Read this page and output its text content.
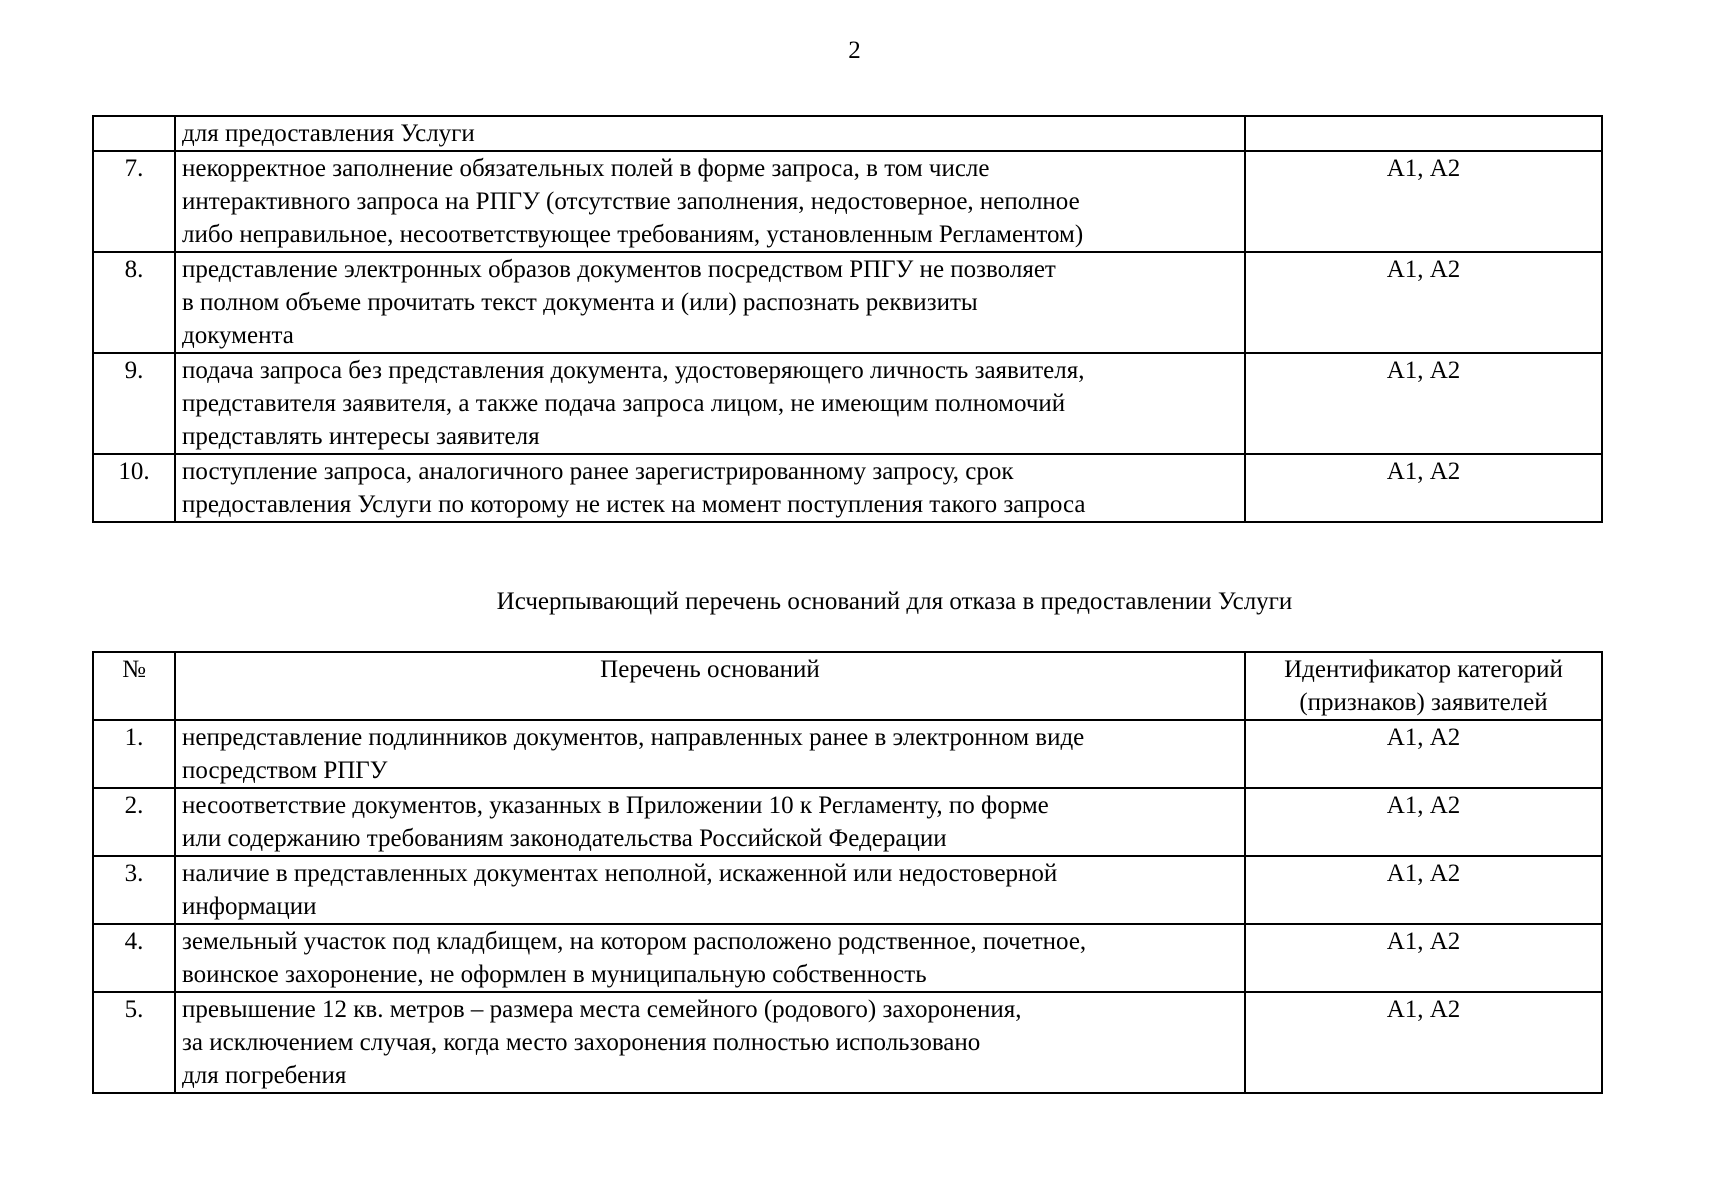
2

	для предоставления Услуги	

7.	некорректное заполнение обязательных полей в форме запроса, в том числе
интерактивного запроса на РПГУ (отсутствие заполнения, недостоверное, неполное
либо неправильное, несоответствующее требованиям, установленным Регламентом)	А1, А2
8.	представление электронных образов документов посредством РПГУ не позволяет
в полном объеме прочитать текст документа и (или) распознать реквизиты
документа	А1, А2
9.	подача запроса без представления документа, удостоверяющего личность заявителя,
представителя заявителя, а также подача запроса лицом, не имеющим полномочий
представлять интересы заявителя	А1, А2
10.	поступление запроса, аналогичного ранее зарегистрированному запросу, срок
предоставления Услуги по которому не истек на момент поступления такого запроса	А1, А2
Исчерпывающий перечень оснований для отказа в предоставлении Услуги
№	Перечень оснований	Идентификатор категорий
(признаков) заявителей

1.	непредставление подлинников документов, направленных ранее в электронном виде
посредством РПГУ	А1, А2
2.	несоответствие документов, указанных в Приложении 10 к Регламенту, по форме
или содержанию требованиям законодательства Российской Федерации	А1, А2
3.	наличие в представленных документах неполной, искаженной или недостоверной
информации	А1, А2
4.	земельный участок под кладбищем, на котором расположено родственное, почетное,
воинское захоронение, не оформлен в муниципальную собственность	А1, А2
5.	превышение 12 кв. метров – размера места семейного (родового) захоронения,
за исключением случая, когда место захоронения полностью использовано
для погребения	А1, А2
